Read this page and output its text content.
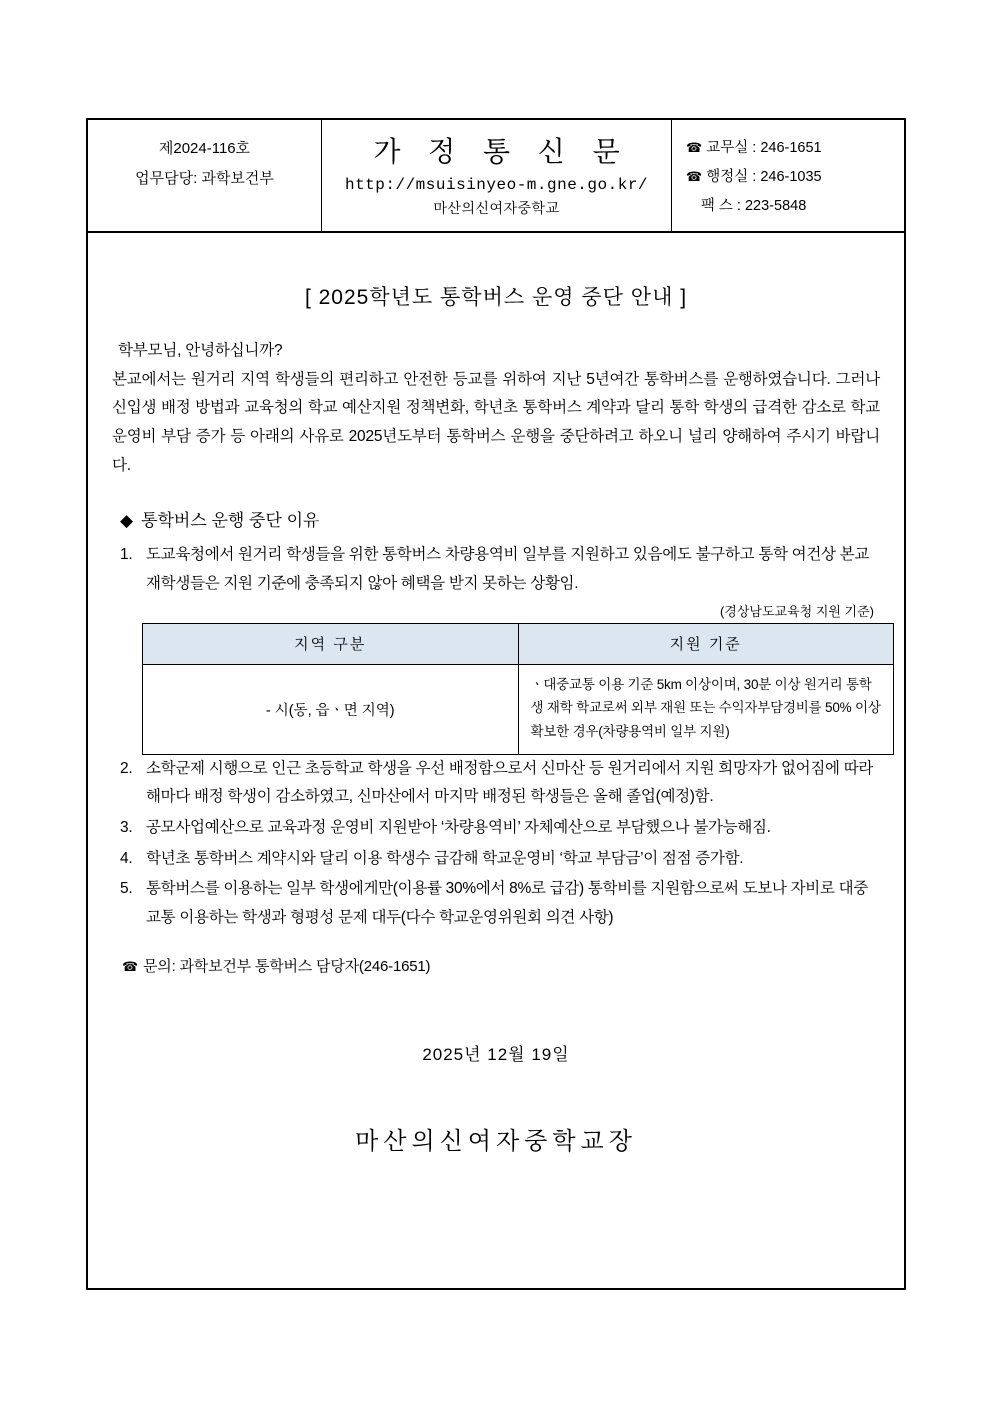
제2024-116호
업무담당: 과학보건부
가 정 통 신 문
http://msuisinyeo-m.gne.go.kr/
마산의신여자중학교
☎ 교무실 : 246-1651
☎ 행정실 : 246-1035
팩 스 : 223-5848
[ 2025학년도 통학버스 운영 중단 안내 ]
학부모님, 안녕하십니까?
본교에서는 원거리 지역 학생들의 편리하고 안전한 등교를 위하여 지난 5년여간 통학버스를 운행하였습니다. 그러나 신입생 배정 방법과 교육청의 학교 예산지원 정책변화, 학년초 통학버스 계약과 달리 통학 학생의 급격한 감소로 학교 운영비 부담 증가 등 아래의 사유로 2025년도부터 통학버스 운행을 중단하려고 하오니 널리 양해하여 주시기 바랍니다.
◆ 통학버스 운행 중단 이유
1. 도교육청에서 원거리 학생들을 위한 통학버스 차량용역비 일부를 지원하고 있음에도 불구하고 통학 여건상 본교 재학생들은 지원 기준에 충족되지 않아 혜택을 받지 못하는 상황임.
(경상남도교육청 지원 기준)
지역 구분	지원 기준
- 시(동, 읍ㆍ면 지역)	ㆍ대중교통 이용 기준 5km 이상이며, 30분 이상 원거리 통학생 재학 학교로써 외부 재원 또는 수익자부담경비를 50% 이상 확보한 경우(차량용역비 일부 지원)
2. 소학군제 시행으로 인근 초등학교 학생을 우선 배정함으로서 신마산 등 원거리에서 지원 희망자가 없어짐에 따라 해마다 배정 학생이 감소하였고, 신마산에서 마지막 배정된 학생들은 올해 졸업(예정)함.
3. 공모사업예산으로 교육과정 운영비 지원받아 ‘차량용역비’ 자체예산으로 부담했으나 불가능해짐.
4. 학년초 통학버스 계약시와 달리 이용 학생수 급감해 학교운영비 ‘학교 부담금’이 점점 증가함.
5. 통학버스를 이용하는 일부 학생에게만(이용률 30%에서 8%로 급감) 통학비를 지원함으로써 도보나 자비로 대중교통 이용하는 학생과 형평성 문제 대두(다수 학교운영위원회 의견 사항)
☎ 문의: 과학보건부 통학버스 담당자(246-1651)
2025년 12월 19일
마산의신여자중학교장
